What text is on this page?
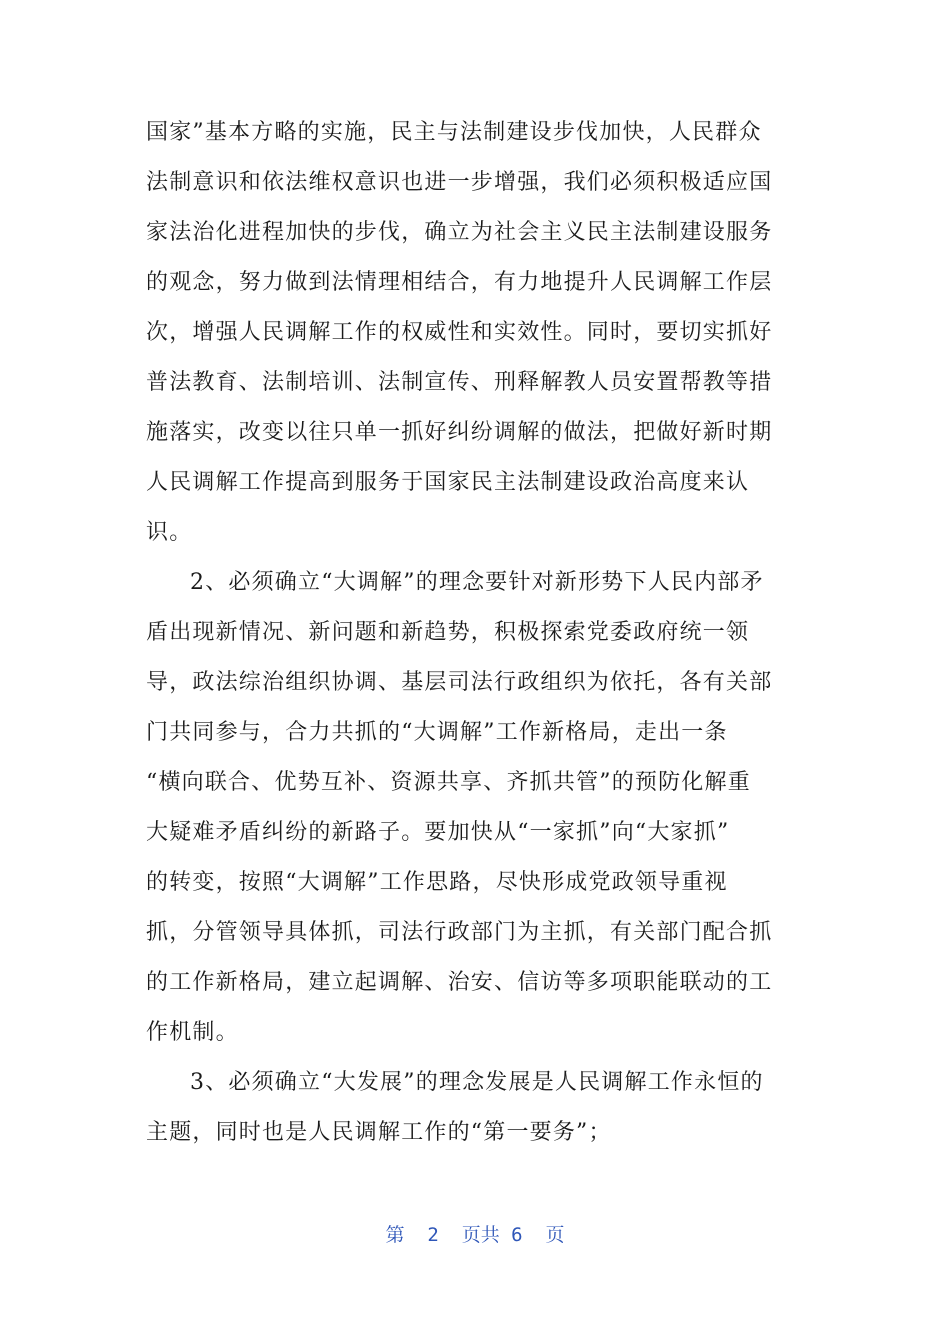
国家”基本方略的实施，民主与法制建设步伐加快，人民群众
法制意识和依法维权意识也进一步增强，我们必须积极适应国
家法治化进程加快的步伐，确立为社会主义民主法制建设服务
的观念，努力做到法情理相结合，有力地提升人民调解工作层
次，增强人民调解工作的权威性和实效性。同时，要切实抓好
普法教育、法制培训、法制宣传、刑释解教人员安置帮教等措
施落实，改变以往只单一抓好纠纷调解的做法，把做好新时期
人民调解工作提高到服务于国家民主法制建设政治高度来认
识。
2、必须确立“大调解”的理念要针对新形势下人民内部矛
盾出现新情况、新问题和新趋势，积极探索党委政府统一领
导，政法综治组织协调、基层司法行政组织为依托，各有关部
门共同参与，合力共抓的“大调解”工作新格局，走出一条
“横向联合、优势互补、资源共享、齐抓共管”的预防化解重
大疑难矛盾纠纷的新路子。要加快从“一家抓”向“大家抓”
的转变，按照“大调解”工作思路，尽快形成党政领导重视
抓，分管领导具体抓，司法行政部门为主抓，有关部门配合抓
的工作新格局，建立起调解、治安、信访等多项职能联动的工
作机制。
3、必须确立“大发展”的理念发展是人民调解工作永恒的
主题，同时也是人民调解工作的“第一要务”；
第  2  页共 6  页
